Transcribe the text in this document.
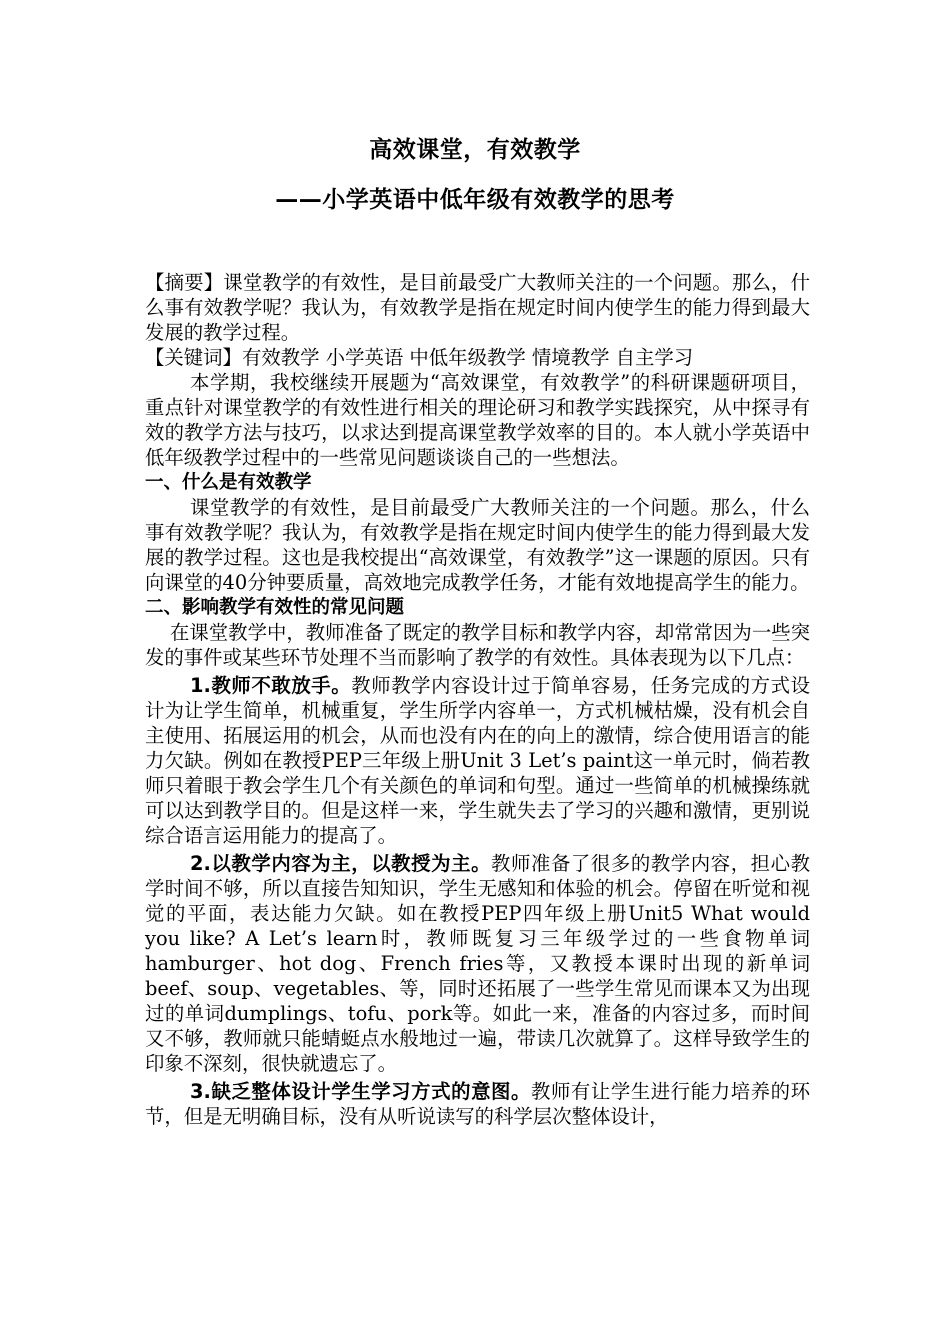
高效课堂，有效教学
——小学英语中低年级有效教学的思考

【摘要】课堂教学的有效性，是目前最受广大教师关注的一个问题。那么，什么事有效教学呢？我认为，有效教学是指在规定时间内使学生的能力得到最大发展的教学过程。

【关键词】有效教学 小学英语 中低年级教学 情境教学 自主学习

本学期，我校继续开展题为“高效课堂，有效教学”的科研课题研项目，重点针对课堂教学的有效性进行相关的理论研习和教学实践探究，从中探寻有效的教学方法与技巧，以求达到提高课堂教学效率的目的。本人就小学英语中低年级教学过程中的一些常见问题谈谈自己的一些想法。

一、什么是有效教学

课堂教学的有效性，是目前最受广大教师关注的一个问题。那么，什么事有效教学呢？我认为，有效教学是指在规定时间内使学生的能力得到最大发展的教学过程。这也是我校提出“高效课堂，有效教学”这一课题的原因。只有向课堂的40分钟要质量，高效地完成教学任务，才能有效地提高学生的能力。

二、影响教学有效性的常见问题

在课堂教学中，教师准备了既定的教学目标和教学内容，却常常因为一些突发的事件或某些环节处理不当而影响了教学的有效性。具体表现为以下几点：

1.教师不敢放手。教师教学内容设计过于简单容易，任务完成的方式设计为让学生简单，机械重复，学生所学内容单一，方式机械枯燥，没有机会自主使用、拓展运用的机会，从而也没有内在的向上的激情，综合使用语言的能力欠缺。例如在教授PEP三年级上册Unit 3 Let’s paint这一单元时，倘若教师只着眼于教会学生几个有关颜色的单词和句型。通过一些简单的机械操练就可以达到教学目的。但是这样一来，学生就失去了学习的兴趣和激情，更别说综合语言运用能力的提高了。

2.以教学内容为主，以教授为主。教师准备了很多的教学内容，担心教学时间不够，所以直接告知知识，学生无感知和体验的机会。停留在听觉和视觉的平面，表达能力欠缺。如在教授PEP四年级上册Unit5 What would you like? A Let’s learn时，教师既复习三年级学过的一些食物单词hamburger、hot dog、French fries等，又教授本课时出现的新单词beef、soup、vegetables、等，同时还拓展了一些学生常见而课本又为出现过的单词dumplings、tofu、pork等。如此一来，准备的内容过多，而时间又不够，教师就只能蜻蜓点水般地过一遍，带读几次就算了。这样导致学生的印象不深刻，很快就遗忘了。

3.缺乏整体设计学生学习方式的意图。教师有让学生进行能力培养的环节，但是无明确目标，没有从听说读写的科学层次整体设计，
